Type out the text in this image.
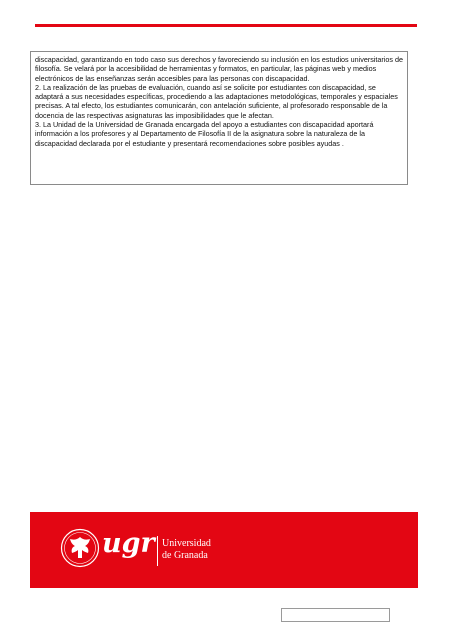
discapacidad, garantizando en todo caso sus derechos y favoreciendo su inclusión en los estudios universitarios de filosofía. Se velará por la accesibilidad de herramientas y formatos, en particular, las páginas web y medios electrónicos de las enseñanzas serán accesibles para las personas con discapacidad.

2. La realización de las pruebas de evaluación, cuando así se solicite por estudiantes con discapacidad, se adaptará a sus necesidades específicas, procediendo a las adaptaciones metodológicas, temporales y espaciales precisas. A tal efecto, los estudiantes comunicarán, con antelación suficiente, al profesorado responsable de la docencia de las respectivas asignaturas las imposibilidades que le afectan.

3. La Unidad de la Universidad de Granada encargada del apoyo a estudiantes con discapacidad aportará información a los profesores y al Departamento de Filosofía II de la asignatura sobre la naturaleza de la discapacidad declarada por el estudiante y presentará recomendaciones sobre posibles ayudas .

ugr Universidad
de Granada
